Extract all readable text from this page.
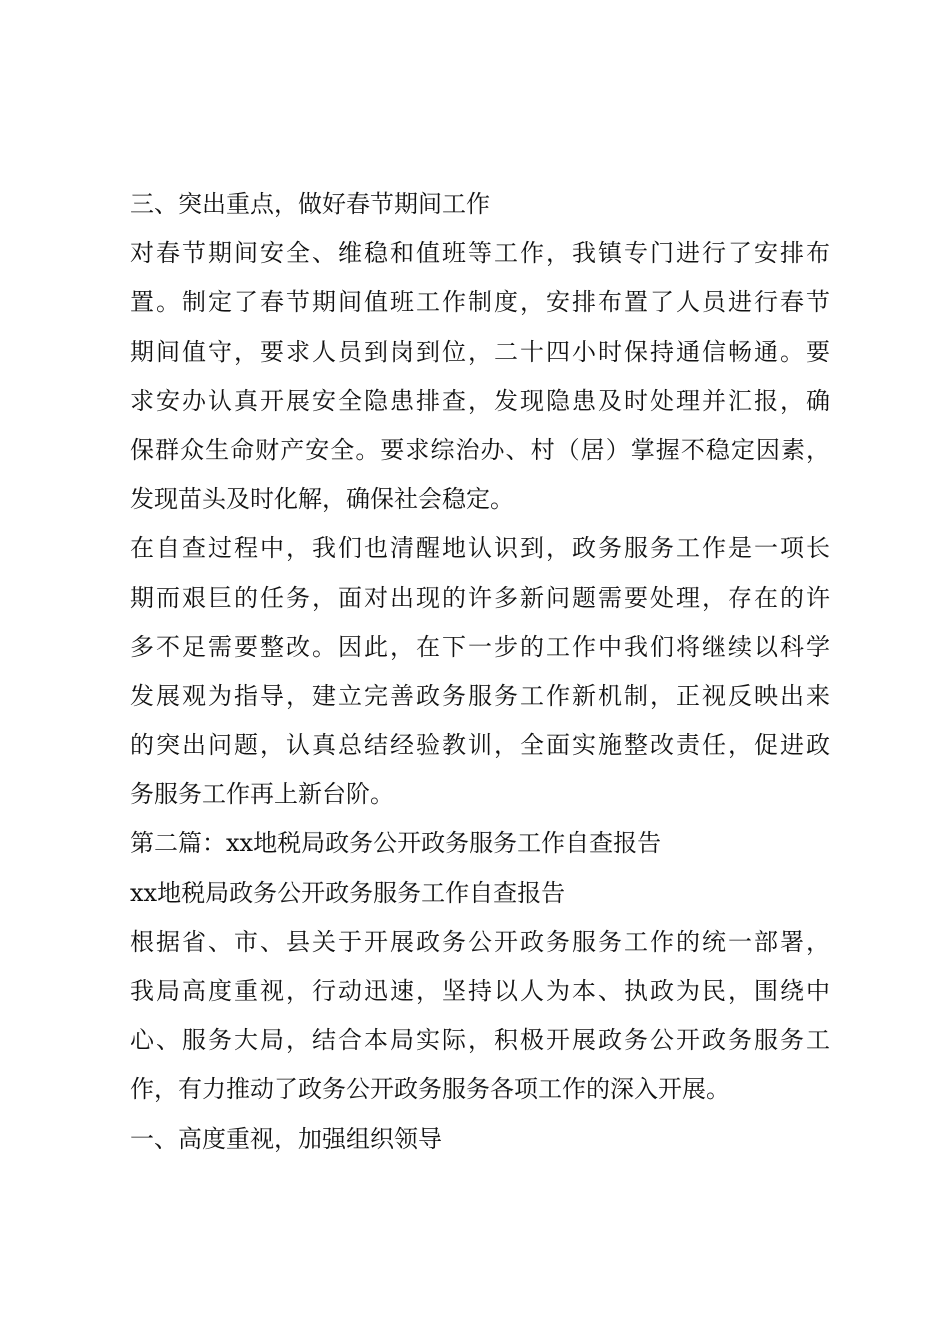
三、突出重点，做好春节期间工作
对春节期间安全、维稳和值班等工作，我镇专门进行了安排布
置。制定了春节期间值班工作制度，安排布置了人员进行春节
期间值守，要求人员到岗到位，二十四小时保持通信畅通。要
求安办认真开展安全隐患排查，发现隐患及时处理并汇报，确
保群众生命财产安全。要求综治办、村（居）掌握不稳定因素，
发现苗头及时化解，确保社会稳定。
在自查过程中，我们也清醒地认识到，政务服务工作是一项长
期而艰巨的任务，面对出现的许多新问题需要处理，存在的许
多不足需要整改。因此，在下一步的工作中我们将继续以科学
发展观为指导，建立完善政务服务工作新机制，正视反映出来
的突出问题，认真总结经验教训，全面实施整改责任，促进政
务服务工作再上新台阶。
第二篇：xx地税局政务公开政务服务工作自查报告
xx地税局政务公开政务服务工作自查报告
根据省、市、县关于开展政务公开政务服务工作的统一部署，
我局高度重视，行动迅速，坚持以人为本、执政为民，围绕中
心、服务大局，结合本局实际，积极开展政务公开政务服务工
作，有力推动了政务公开政务服务各项工作的深入开展。
一、高度重视，加强组织领导
